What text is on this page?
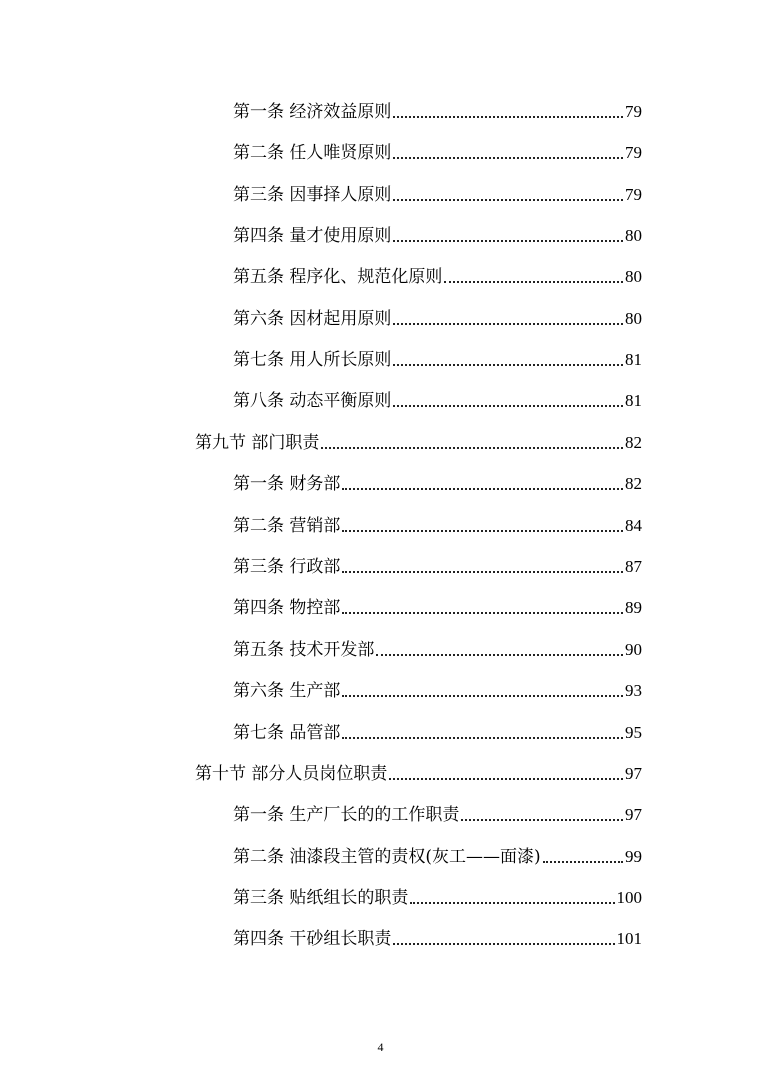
第一条 经济效益原则	79
第二条 任人唯贤原则	79
第三条 因事择人原则	79
第四条 量才使用原则	80
第五条 程序化、规范化原则	80
第六条 因材起用原则	80
第七条 用人所长原则	81
第八条 动态平衡原则	81
第九节 部门职责	82
第一条 财务部	82
第二条 营销部	84
第三条 行政部	87
第四条 物控部	89
第五条 技术开发部	90
第六条 生产部	93
第七条 品管部	95
第十节 部分人员岗位职责	97
第一条 生产厂长的的工作职责	97
第二条 油漆段主管的责权(灰工——面漆)	99
第三条 贴纸组长的职责	100
第四条 干砂组长职责	101
4
